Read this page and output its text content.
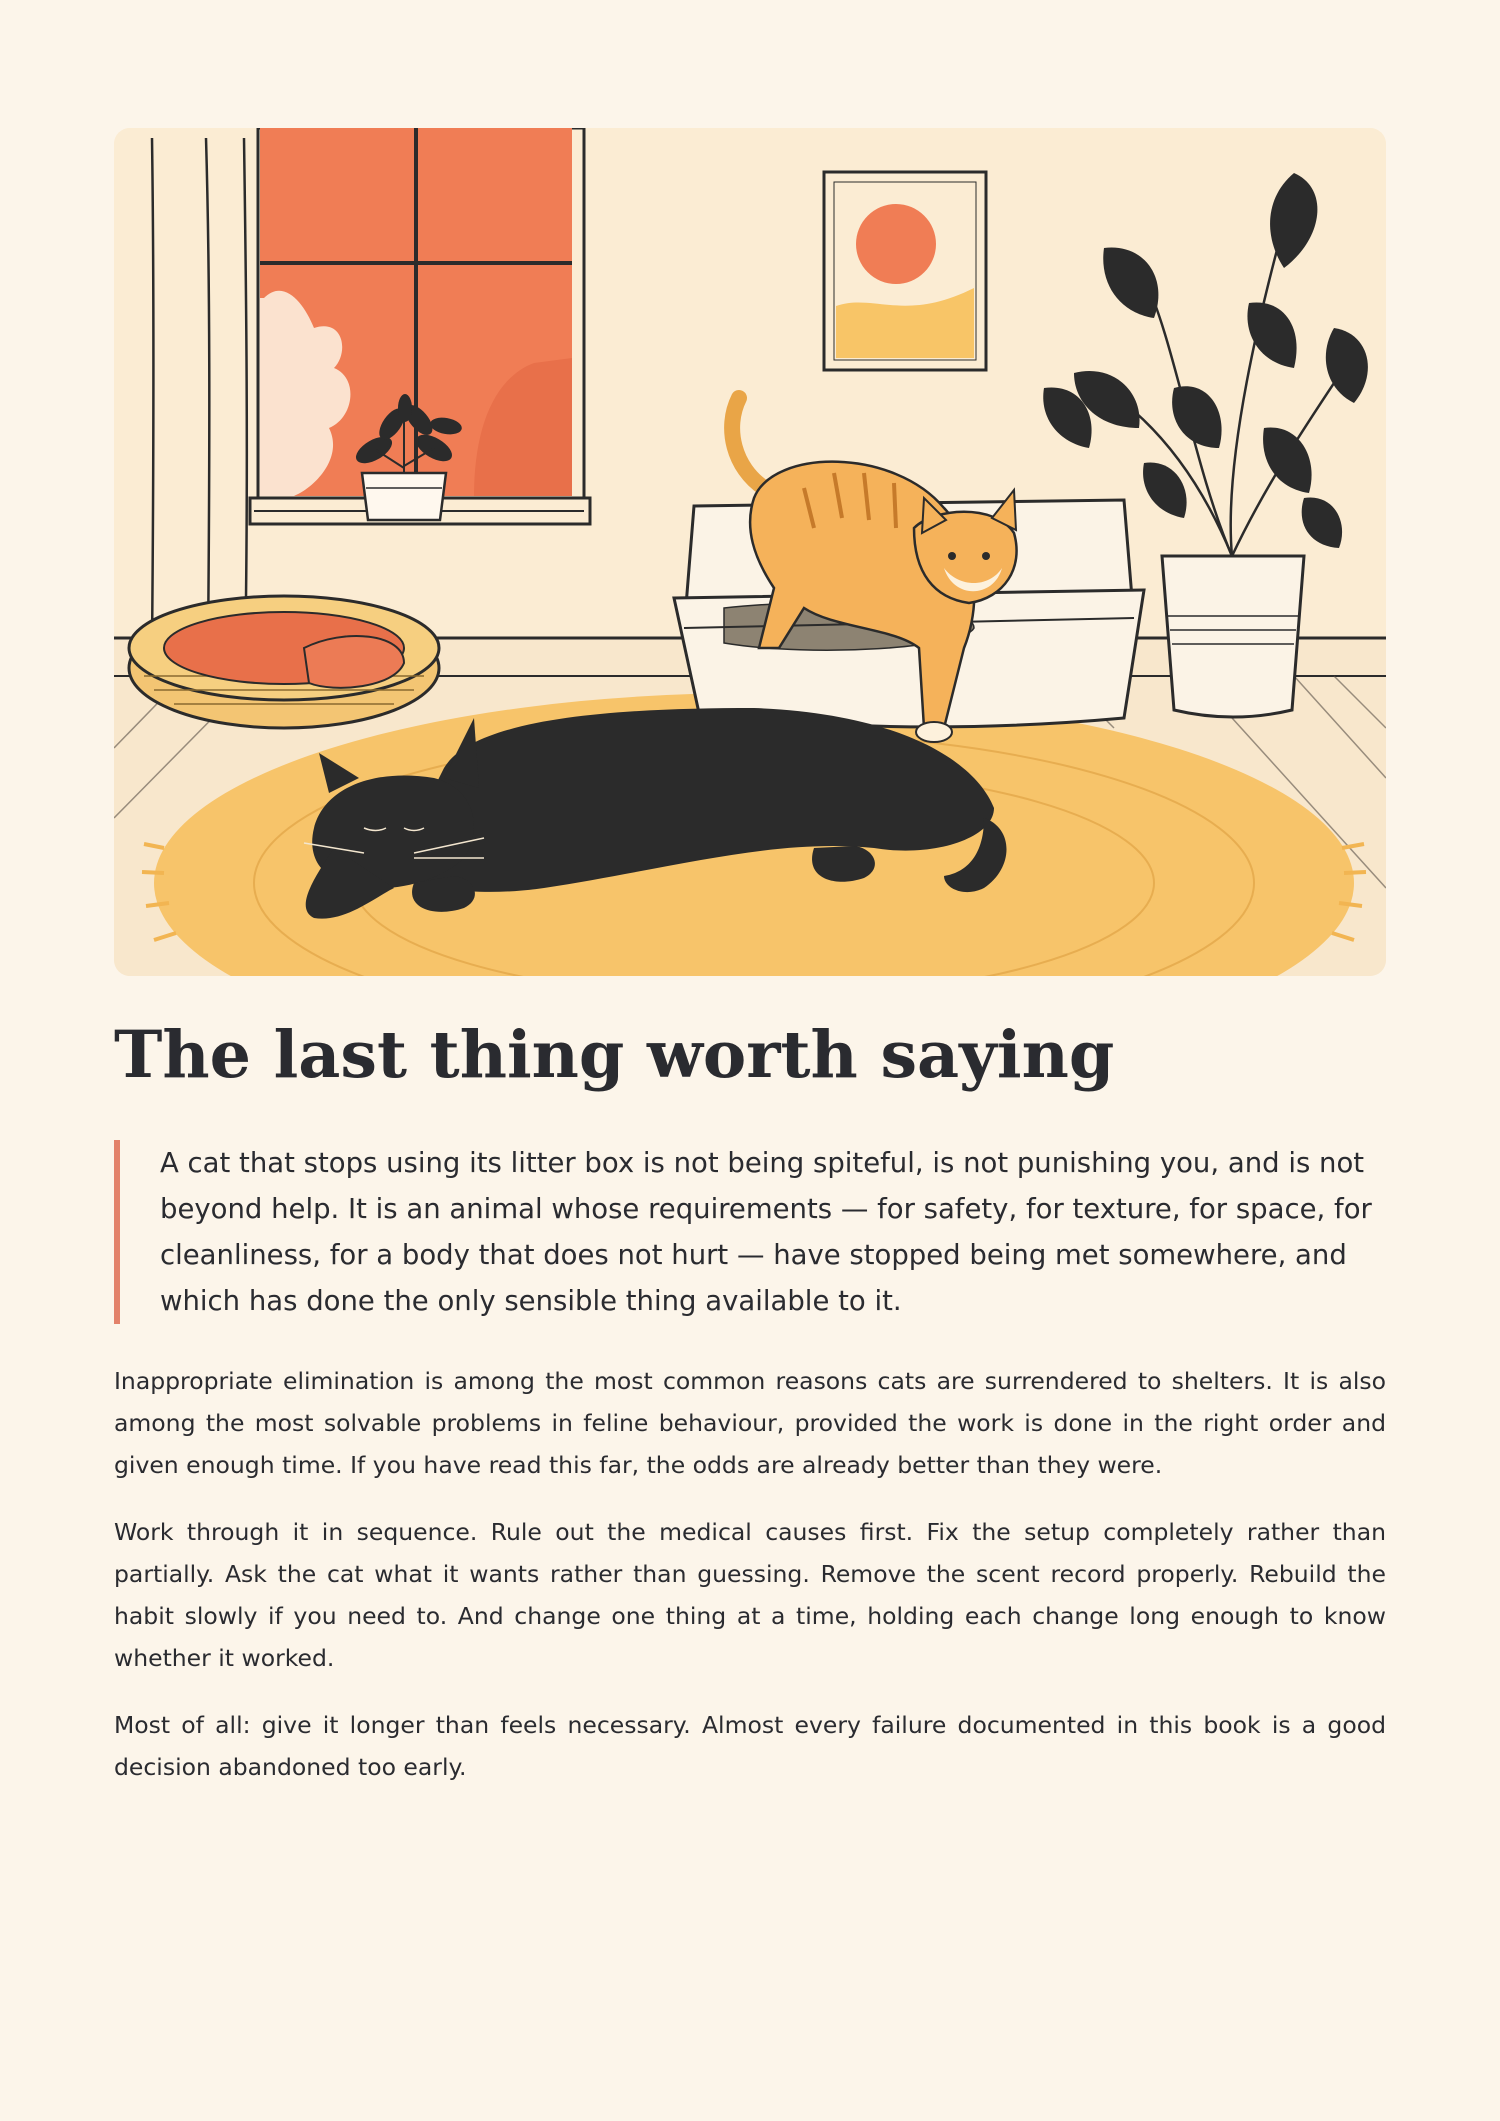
The last thing worth saying
A cat that stops using its litter box is not being spiteful, is not punishing you, and is not beyond help. It is an animal whose requirements — for safety, for texture, for space, for cleanliness, for a body that does not hurt — have stopped being met somewhere, and which has done the only sensible thing available to it.

Inappropriate elimination is among the most common reasons cats are surrendered to shelters. It is also among the most solvable problems in feline behaviour, provided the work is done in the right order and given enough time. If you have read this far, the odds are already better than they were.

Work through it in sequence. Rule out the medical causes first. Fix the setup completely rather than partially. Ask the cat what it wants rather than guessing. Remove the scent record properly. Rebuild the habit slowly if you need to. And change one thing at a time, holding each change long enough to know whether it worked.

Most of all: give it longer than feels necessary. Almost every failure documented in this book is a good decision abandoned too early.
